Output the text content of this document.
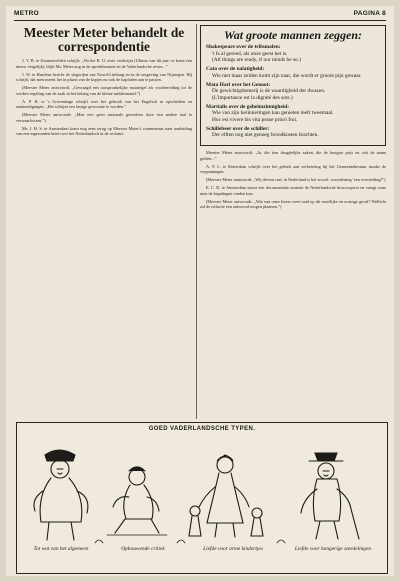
METRO	PAGINA 8
Meester Meter behandelt de correspondentie

J. V. B. te Zwanenvelden schrijft: „Nu het B. O. eiste verdwijnt (Ultimo van dit jaar: er komt een nieuw vergelijk), blijft Mr. Meter nog in de spreekbeurten en de Vaderlandsche revue...”

J. W. te Haarlem bericht de slagerijen van Noord-Limburg en in de omgeving van Nijmegen. Hij schrijft, dat men meent het in plaats van de kopjes nu ook de kapitalen aan te passen.

(Meester Meter antwoordt: „Gevraagd een oorspronkelijke maatregel als voorbereiding tot de verdere regeling van de zaak in het belang van de kleine middenstand.”)

A. P. H. te 's Gravenhage schrijft over het gebruik van het Engelsch in opschriften en aankondigingen: „Het schrijnt een lastige gewoonte te worden.”

(Meester Meter antwoordt: „Men eert geen nationale gevoelens door een andere taal te verwaarloozen.”)

Mr. J. H. S. te Amsterdam komt nog eens terug op Meester Meter's commentaar naar aanleiding van een ingezonden brief over het Nederlandsch in de reclame.

Wat groote mannen zeggen:
Shakespeare over de tribunalen:
't Is al gereed, als onze geest het is.
(All things are ready, if our minds be so.)
Cato over de nalatigheid:
Wie niet maar zelden komt zijn naar, die wordt er groote pijn gewaar.
Mata Hari over het Genoot:
De gewichtigdoenerij is de waardigheid der dwazen.
(L'importance est la dignité des sots.)
Martialis over de geheimzinnigheid:
Wie van zijn herinneringen kan genieten leeft tweemaal.
Hoc est vivere bis vita posse priori frui.
Schillebeer over de schiller:
Der elften nog niet genoeg broodkosten brachten.

Meester Meter antwoordt: „Ja, die tien deugdelijke zaken, die de hoogste prijs en ook de naam gelden...”

A. P. L. te Rotterdam schrijft over het gebrek aan verbetering bij het Gemeentebestuur inzake de vergunningen.

(Meester Meter antwoordt: „Wij derven taal, in Nederland is het woord ‚verordening’ een overtreding!”)

E. C. D. te Amsterdam stuurt een documentatie omtrent de Nederlandsche bioscoopwet en vraagt waar men de bepalingen vinden kan.

(Meester Meter antwoordt: „Wie van onze lezers weet raad op dit moeilijke en ernstige geval? Wellicht zal de redactie een antwoord mogen plaatsen.”)

GOED VADERLANDSCHE TYPEN.
Tot wat van het algemeen	Opbouwende critiek	Liefde voor arme kindertjes	Liefde voor hongerige steedelingen
